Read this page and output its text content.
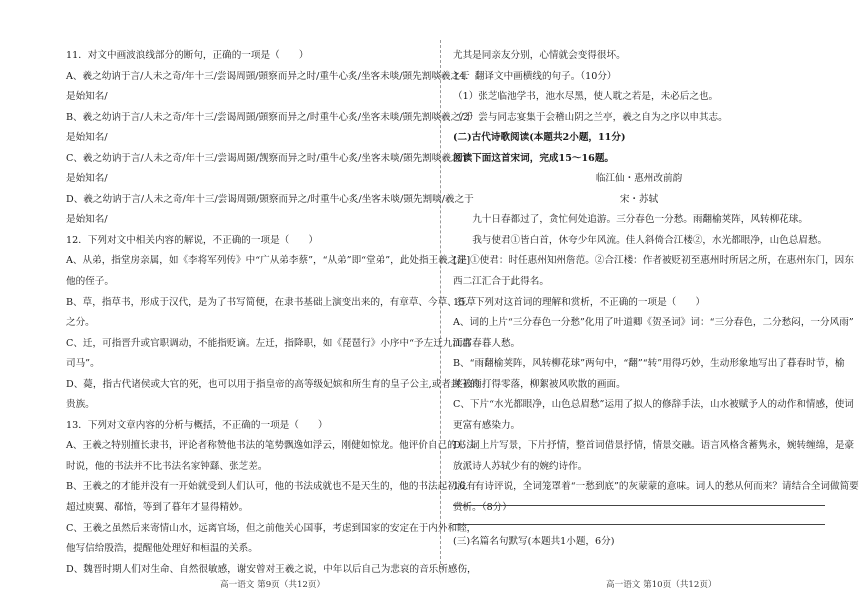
11．对文中画波浪线部分的断句，正确的一项是（　　）

A、羲之幼讷于言/人未之奇/年十三/尝谒周顗/顗察而异之时/重牛心炙/坐客未啖/顗先割啖羲之于

是始知名/

B、羲之幼讷于言/人未之奇/年十三/尝谒周顗/顗察而异之/时重牛心炙/坐客未啖/顗先割啖羲之/于

是始知名/

C、羲之幼讷于言/人未之奇/年十三/尝谒周顗/觊察而异之时/重牛心炙/坐客未啖/顗先割啖羲之于

是始知名/

D、羲之幼讷于言/人未之奇/年十三/尝谒周顗/顗察而异之/时重牛心炙/坐客未啖/顗先割啖/羲之于

是始知名/

12．下列对文中相关内容的解说，不正确的一项是（　　）

A、从弟，指堂房亲属，如《李将军列传》中“广从弟李蔡”，“从弟”即“堂弟”，此处指王羲之是

他的侄子。

B、草，指草书，形成于汉代，是为了书写简便，在隶书基础上演变出来的，有章草、今草、狂草

之分。

C、迁，可指晋升或官职调动，不能指贬谪。左迁，指降职，如《琵琶行》小序中“予左迁九江郡

司马”。

D、薨，指古代诸侯或大官的死，也可以用于指皇帝的高等级妃嫔和所生育的皇子公主,或者封王的

贵族。

13．下列对文章内容的分析与概括，不正确的一项是（　　）

A、王羲之特别擅长隶书，评论者称赞他书法的笔势飘逸如浮云，刚健如惊龙。他评价自己的书法

时说，他的书法并不比书法名家钟繇、张芝差。

B、王羲之的才能并没有一开始就受到人们认可，他的书法成就也不是天生的，他的书法起初没有

超过庾翼、郗愔，等到了暮年才显得精妙。

C、王羲之虽然后来寄情山水，远离官场，但之前他关心国事，考虑到国家的安定在于内外和睦，

他写信给殷浩，提醒他处理好和桓温的关系。

D、魏晋时期人们对生命、自然很敏感，谢安曾对王羲之说，中年以后自己为悲哀的音乐所感伤，

尤其是同亲友分别，心情就会变得很坏。

14．翻译文中画横线的句子。（10分）

（1）张芝临池学书，池水尽黑，使人耽之若是，未必后之也。

（2）尝与同志宴集于会稽山阴之兰亭，羲之自为之序以申其志。

(二)古代诗歌阅读(本题共2小题，11分)

阅读下面这首宋词，完成15～16题。

临江仙・惠州改前韵

宋・苏轼

九十日春都过了，贪忙何处追游。三分春色一分愁。雨翻榆荚阵，风转柳花球。

我与使君①皆白首，休夸少年风流。佳人斜倚合江楼②，水光都眼净，山色总眉愁。

[注]①使君：时任惠州知州詹范。②合江楼：作者被贬初至惠州时所居之所，在惠州东门，因东

西二江汇合于此得名。

15．下列对这首词的理解和赏析，不正确的一项是（　　）

A、词的上片“三分春色一分愁”化用了叶道卿《贺圣词》词：“三分春色，二分愁闷，一分风雨”

而言春暮人愁。

B、“雨翻榆荚阵，风转柳花球”两句中，“翻”“转”用得巧妙，生动形象地写出了暮春时节，榆

荚被雨打得零落，柳絮被风吹散的画面。

C、下片“水光都眼净，山色总眉愁”运用了拟人的修辞手法，山水被赋予人的动作和情感，使词

更富有感染力。

D、词上片写景，下片抒情，整首词借景抒情，情景交融。语言风格含蓄隽永，婉转缠绵，是豪

放派诗人苏轼少有的婉约诗作。

16．有诗评说，全词笼罩着“一愁到底”的灰蒙蒙的意味。词人的愁从何而来？请结合全词做简要

赏析。（8分）

(三)名篇名句默写(本题共1小题，6分)
高一语文 第9页（共12页）	高一语文 第10页（共12页）
